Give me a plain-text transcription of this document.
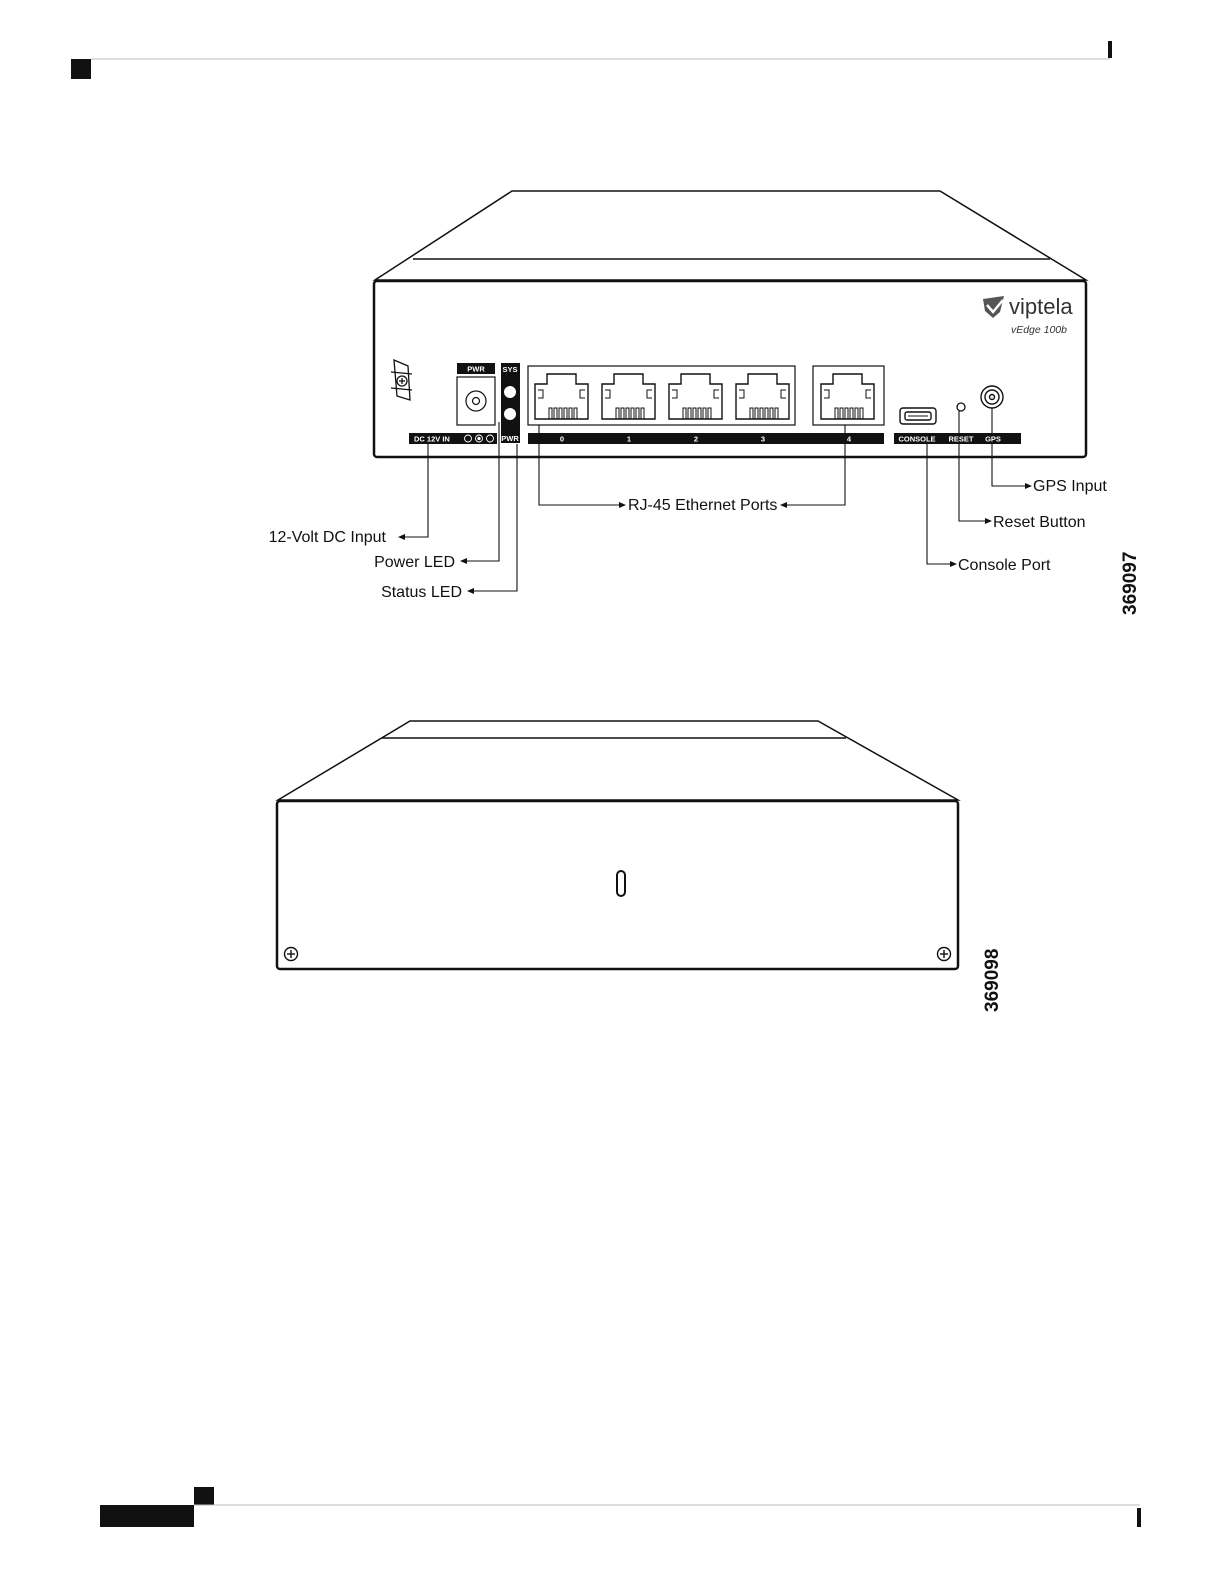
viptela
vEdge 100b
PWR SYS
PWR
DC 12V IN	0	1	2	3	4	CONSOLE RESET GPS
12-Volt DC Input
Power LED
Status LED
RJ-45 Ethernet Ports
GPS Input
Reset Button
Console Port	369097
369098
